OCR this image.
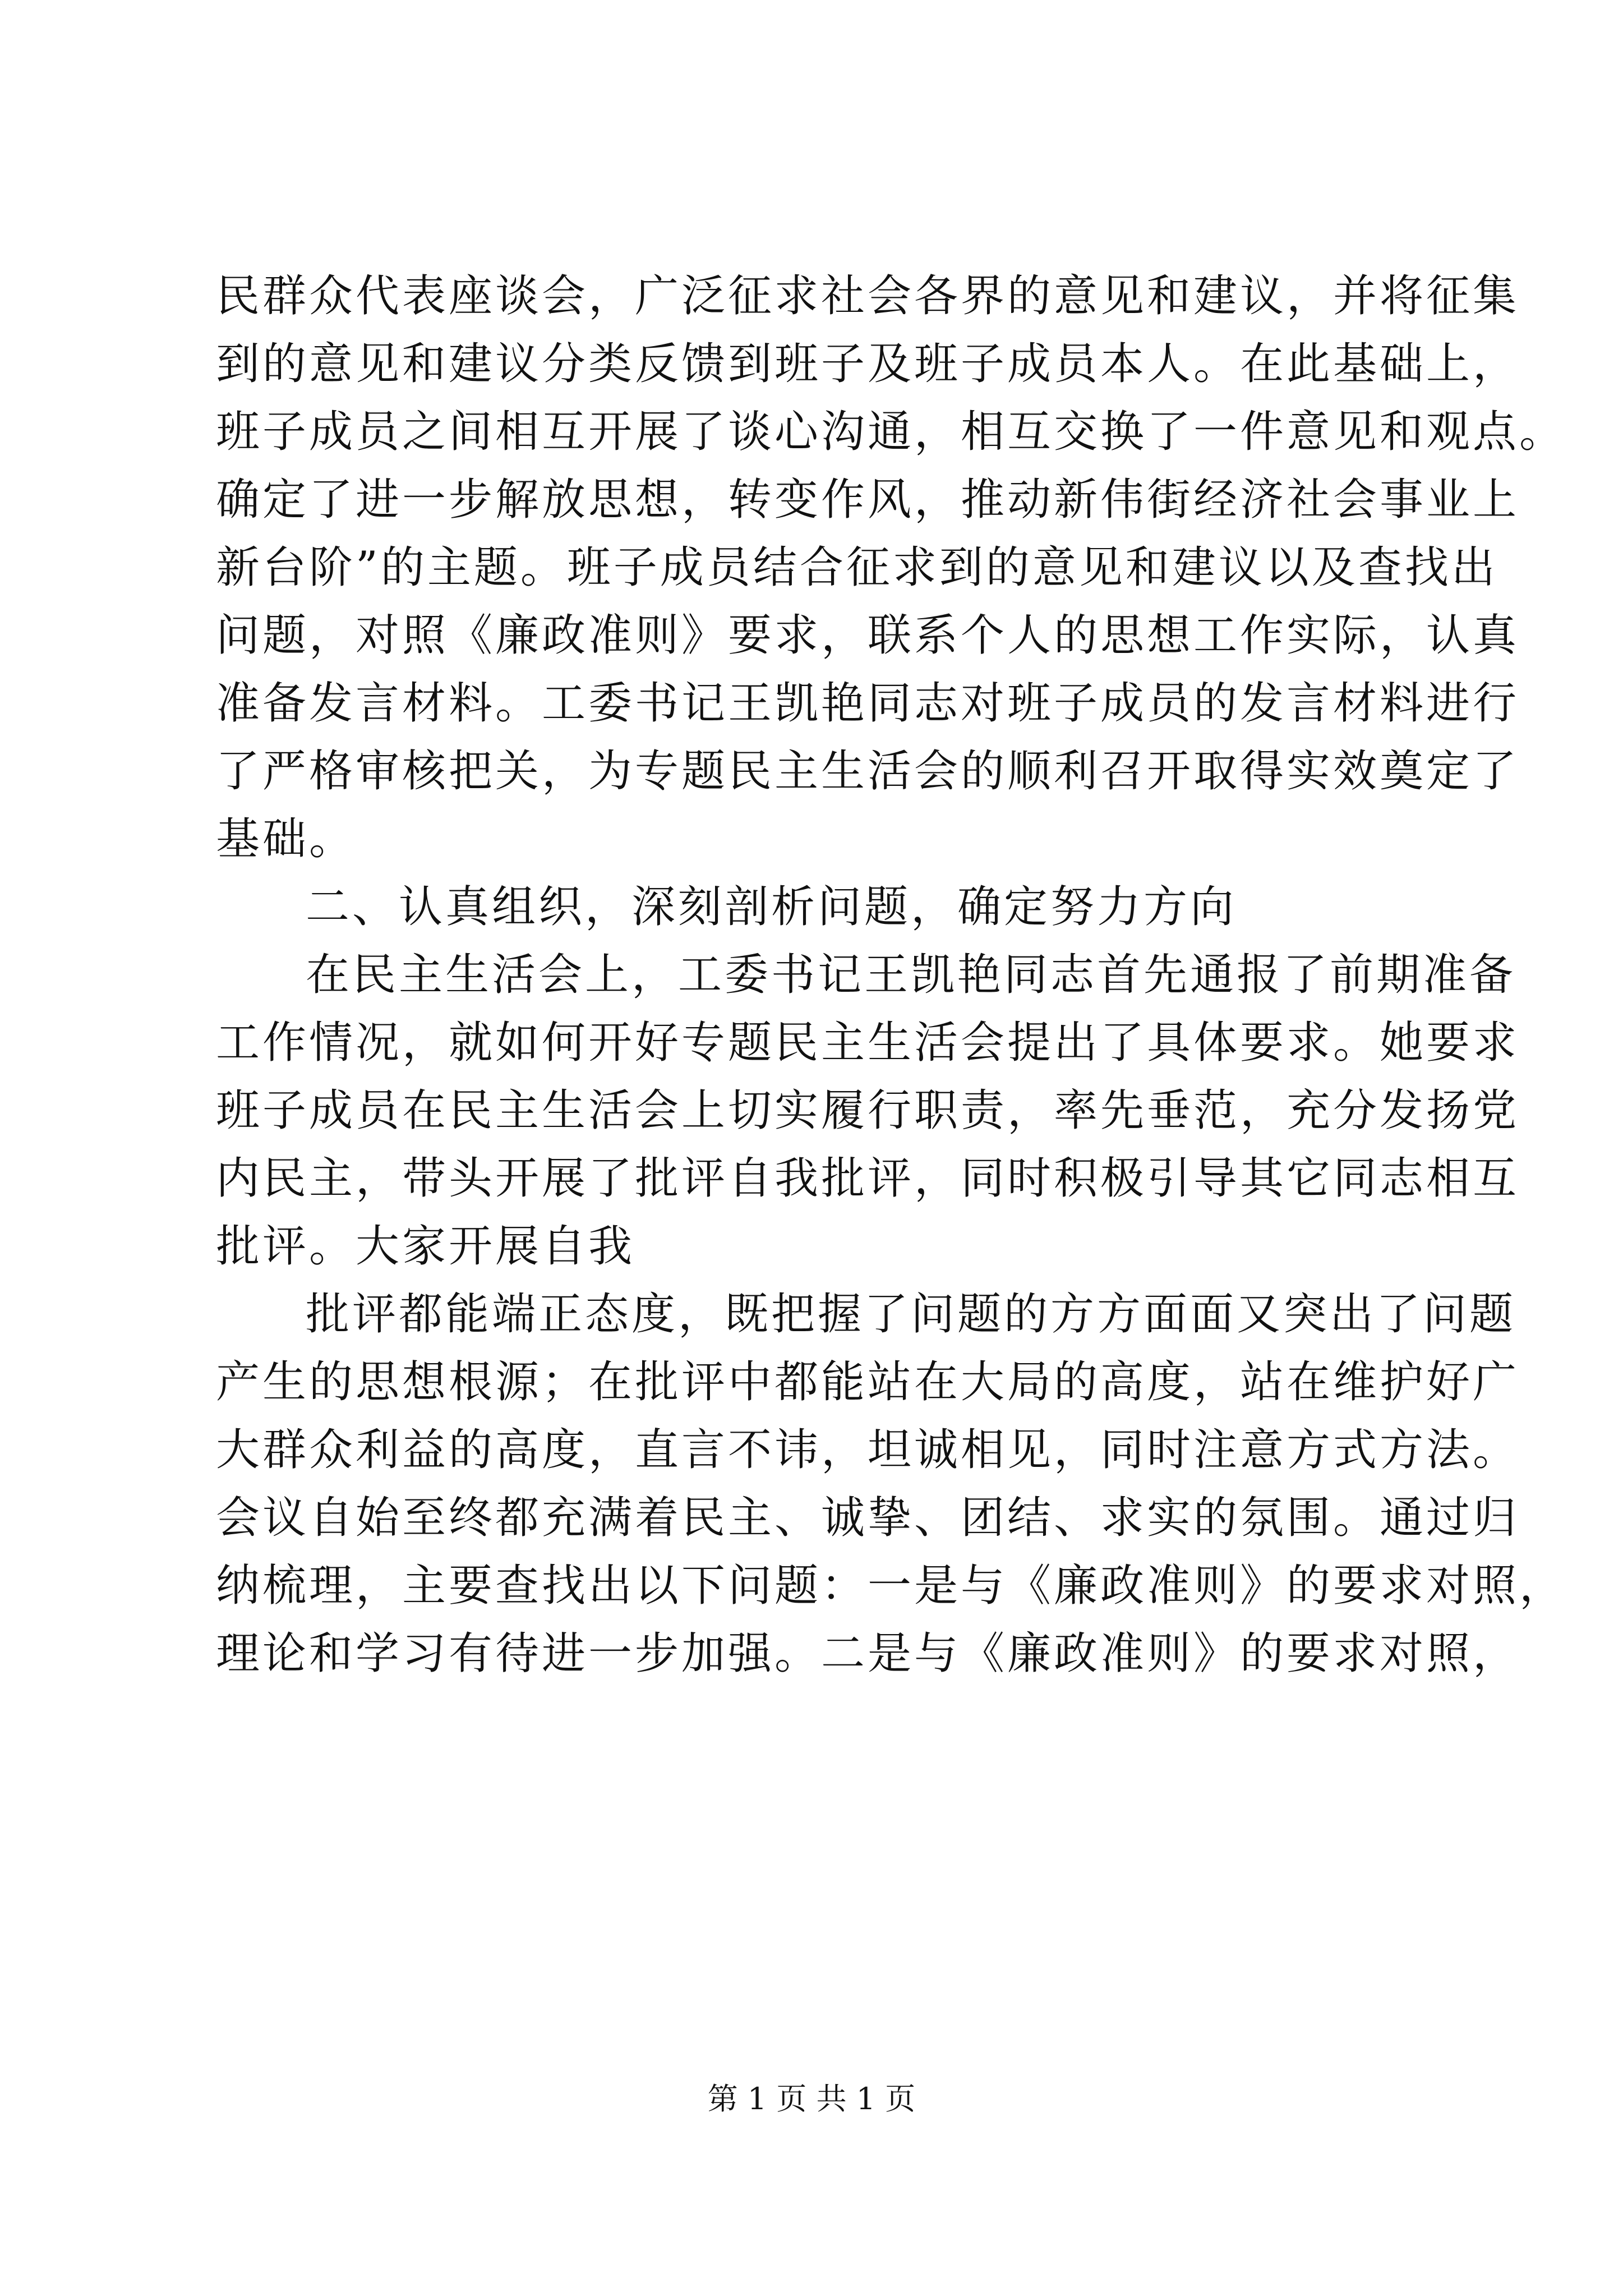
民群众代表座谈会，广泛征求社会各界的意见和建议，并将征集
到的意见和建议分类反馈到班子及班子成员本人。在此基础上，
班子成员之间相互开展了谈心沟通，相互交换了一件意见和观点。
确定了进一步解放思想，转变作风，推动新伟街经济社会事业上
新台阶”的主题。班子成员结合征求到的意见和建议以及查找出
问题，对照《廉政准则》要求，联系个人的思想工作实际，认真
准备发言材料。工委书记王凯艳同志对班子成员的发言材料进行
了严格审核把关，为专题民主生活会的顺利召开取得实效奠定了
基础。
二、认真组织，深刻剖析问题，确定努力方向
在民主生活会上，工委书记王凯艳同志首先通报了前期准备
工作情况，就如何开好专题民主生活会提出了具体要求。她要求
班子成员在民主生活会上切实履行职责，率先垂范，充分发扬党
内民主，带头开展了批评自我批评，同时积极引导其它同志相互
批评。大家开展自我
批评都能端正态度，既把握了问题的方方面面又突出了问题
产生的思想根源；在批评中都能站在大局的高度，站在维护好广
大群众利益的高度，直言不讳，坦诚相见，同时注意方式方法。
会议自始至终都充满着民主、诚挚、团结、求实的氛围。通过归
纳梳理，主要查找出以下问题：一是与《廉政准则》的要求对照，
理论和学习有待进一步加强。二是与《廉政准则》的要求对照，
第 1 页 共 1 页
